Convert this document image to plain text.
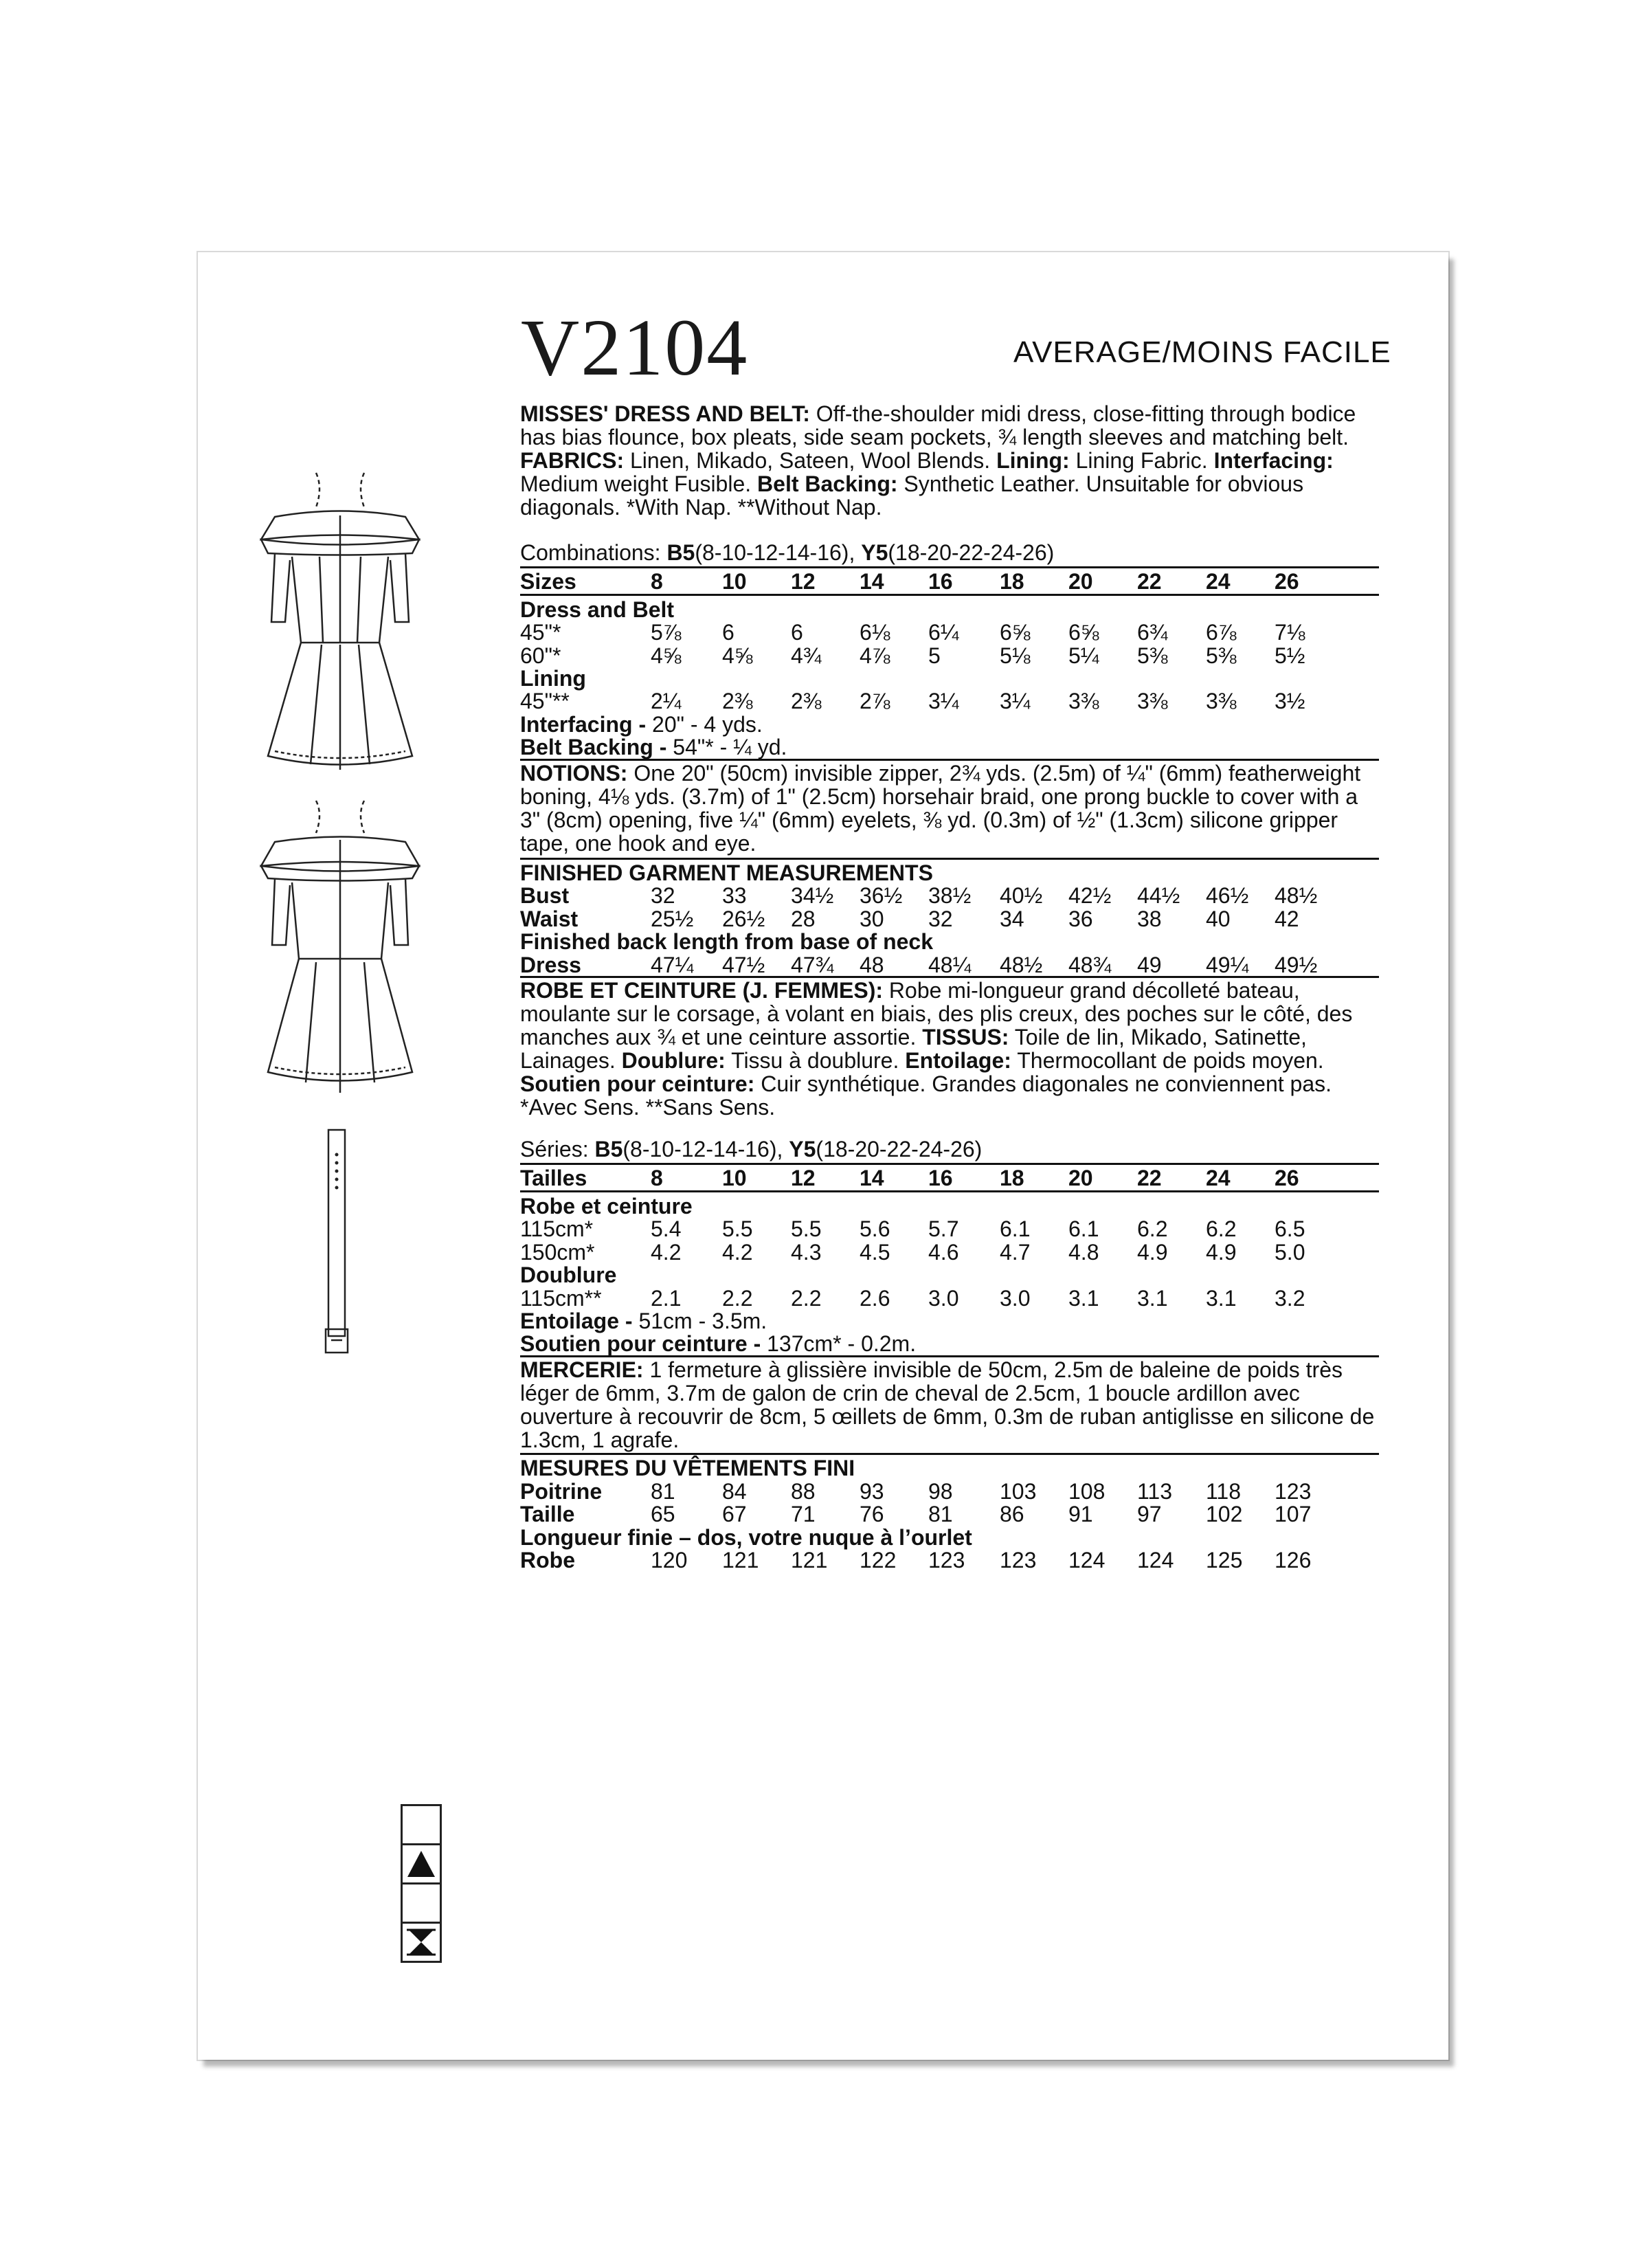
V2104	AVERAGE/MOINS FACILE
MISSES' DRESS AND BELT: Off-the-shoulder midi dress, close-fitting through bodice has bias flounce, box pleats, side seam pockets, ¾ length sleeves and matching belt. FABRICS: Linen, Mikado, Sateen, Wool Blends. Lining: Lining Fabric. Interfacing: Medium weight Fusible. Belt Backing: Synthetic Leather. Unsuitable for obvious diagonals. *With Nap. **Without Nap.
Combinations: B5(8-10-12-14-16), Y5(18-20-22-24-26)
Sizes	8	10 12 14 16 18 20 22 24 26
Dress and Belt
45"*	5⅞ 6	6	6⅛ 6¼ 6⅝ 6⅝ 6¾ 6⅞ 7⅛
60"*	4⅝ 4⅝ 4¾ 4⅞ 5	5⅛ 5¼ 5⅜ 5⅜ 5½
Lining
45"**	2¼ 2⅜ 2⅜ 2⅞ 3¼ 3¼ 3⅜ 3⅜ 3⅜ 3½
Interfacing - 20" - 4 yds.
Belt Backing - 54"* - ¼ yd.
NOTIONS: One 20" (50cm) invisible zipper, 2¾ yds. (2.5m) of ¼" (6mm) featherweight boning, 4⅛ yds. (3.7m) of 1" (2.5cm) horsehair braid, one prong buckle to cover with a 3" (8cm) opening, five ¼" (6mm) eyelets, ⅜ yd. (0.3m) of ½" (1.3cm) silicone gripper tape, one hook and eye.
FINISHED GARMENT MEASUREMENTS
Bust	32 33 34½ 36½ 38½ 40½ 42½ 44½ 46½ 48½
Waist	25½ 26½ 28 30 32 34 36 38 40 42
Finished back length from base of neck
Dress	47¼ 47½ 47¾ 48 48¼ 48½ 48¾ 49 49¼ 49½
ROBE ET CEINTURE (J. FEMMES): Robe mi-longueur grand décolleté bateau, moulante sur le corsage, à volant en biais, des plis creux, des poches sur le côté, des manches aux ¾ et une ceinture assortie. TISSUS: Toile de lin, Mikado, Satinette, Lainages. Doublure: Tissu à doublure. Entoilage: Thermocollant de poids moyen. Soutien pour ceinture: Cuir synthétique. Grandes diagonales ne conviennent pas. *Avec Sens. **Sans Sens.
Séries: B5(8-10-12-14-16), Y5(18-20-22-24-26)
Tailles	8	10 12 14 16 18 20 22 24 26
Robe et ceinture
115cm*	5.4 5.5 5.5 5.6 5.7 6.1 6.1 6.2 6.2 6.5
150cm*	4.2 4.2 4.3 4.5 4.6 4.7 4.8 4.9 4.9 5.0
Doublure
115cm** 2.1 2.2 2.2 2.6 3.0 3.0 3.1 3.1 3.1 3.2
Entoilage - 51cm - 3.5m.
Soutien pour ceinture - 137cm* - 0.2m.
MERCERIE: 1 fermeture à glissière invisible de 50cm, 2.5m de baleine de poids très léger de 6mm, 3.7m de galon de crin de cheval de 2.5cm, 1 boucle ardillon avec ouverture à recouvrir de 8cm, 5 œillets de 6mm, 0.3m de ruban antiglisse en silicone de 1.3cm, 1 agrafe.
MESURES DU VÊTEMENTS FINI
Poitrine 81 84 88 93 98 103 108 113 118 123
Taille	65 67 71 76 81 86 91 97 102 107
Longueur finie – dos, votre nuque à l’ourlet
Robe	120 121 121 122 123 123 124 124 125 126
